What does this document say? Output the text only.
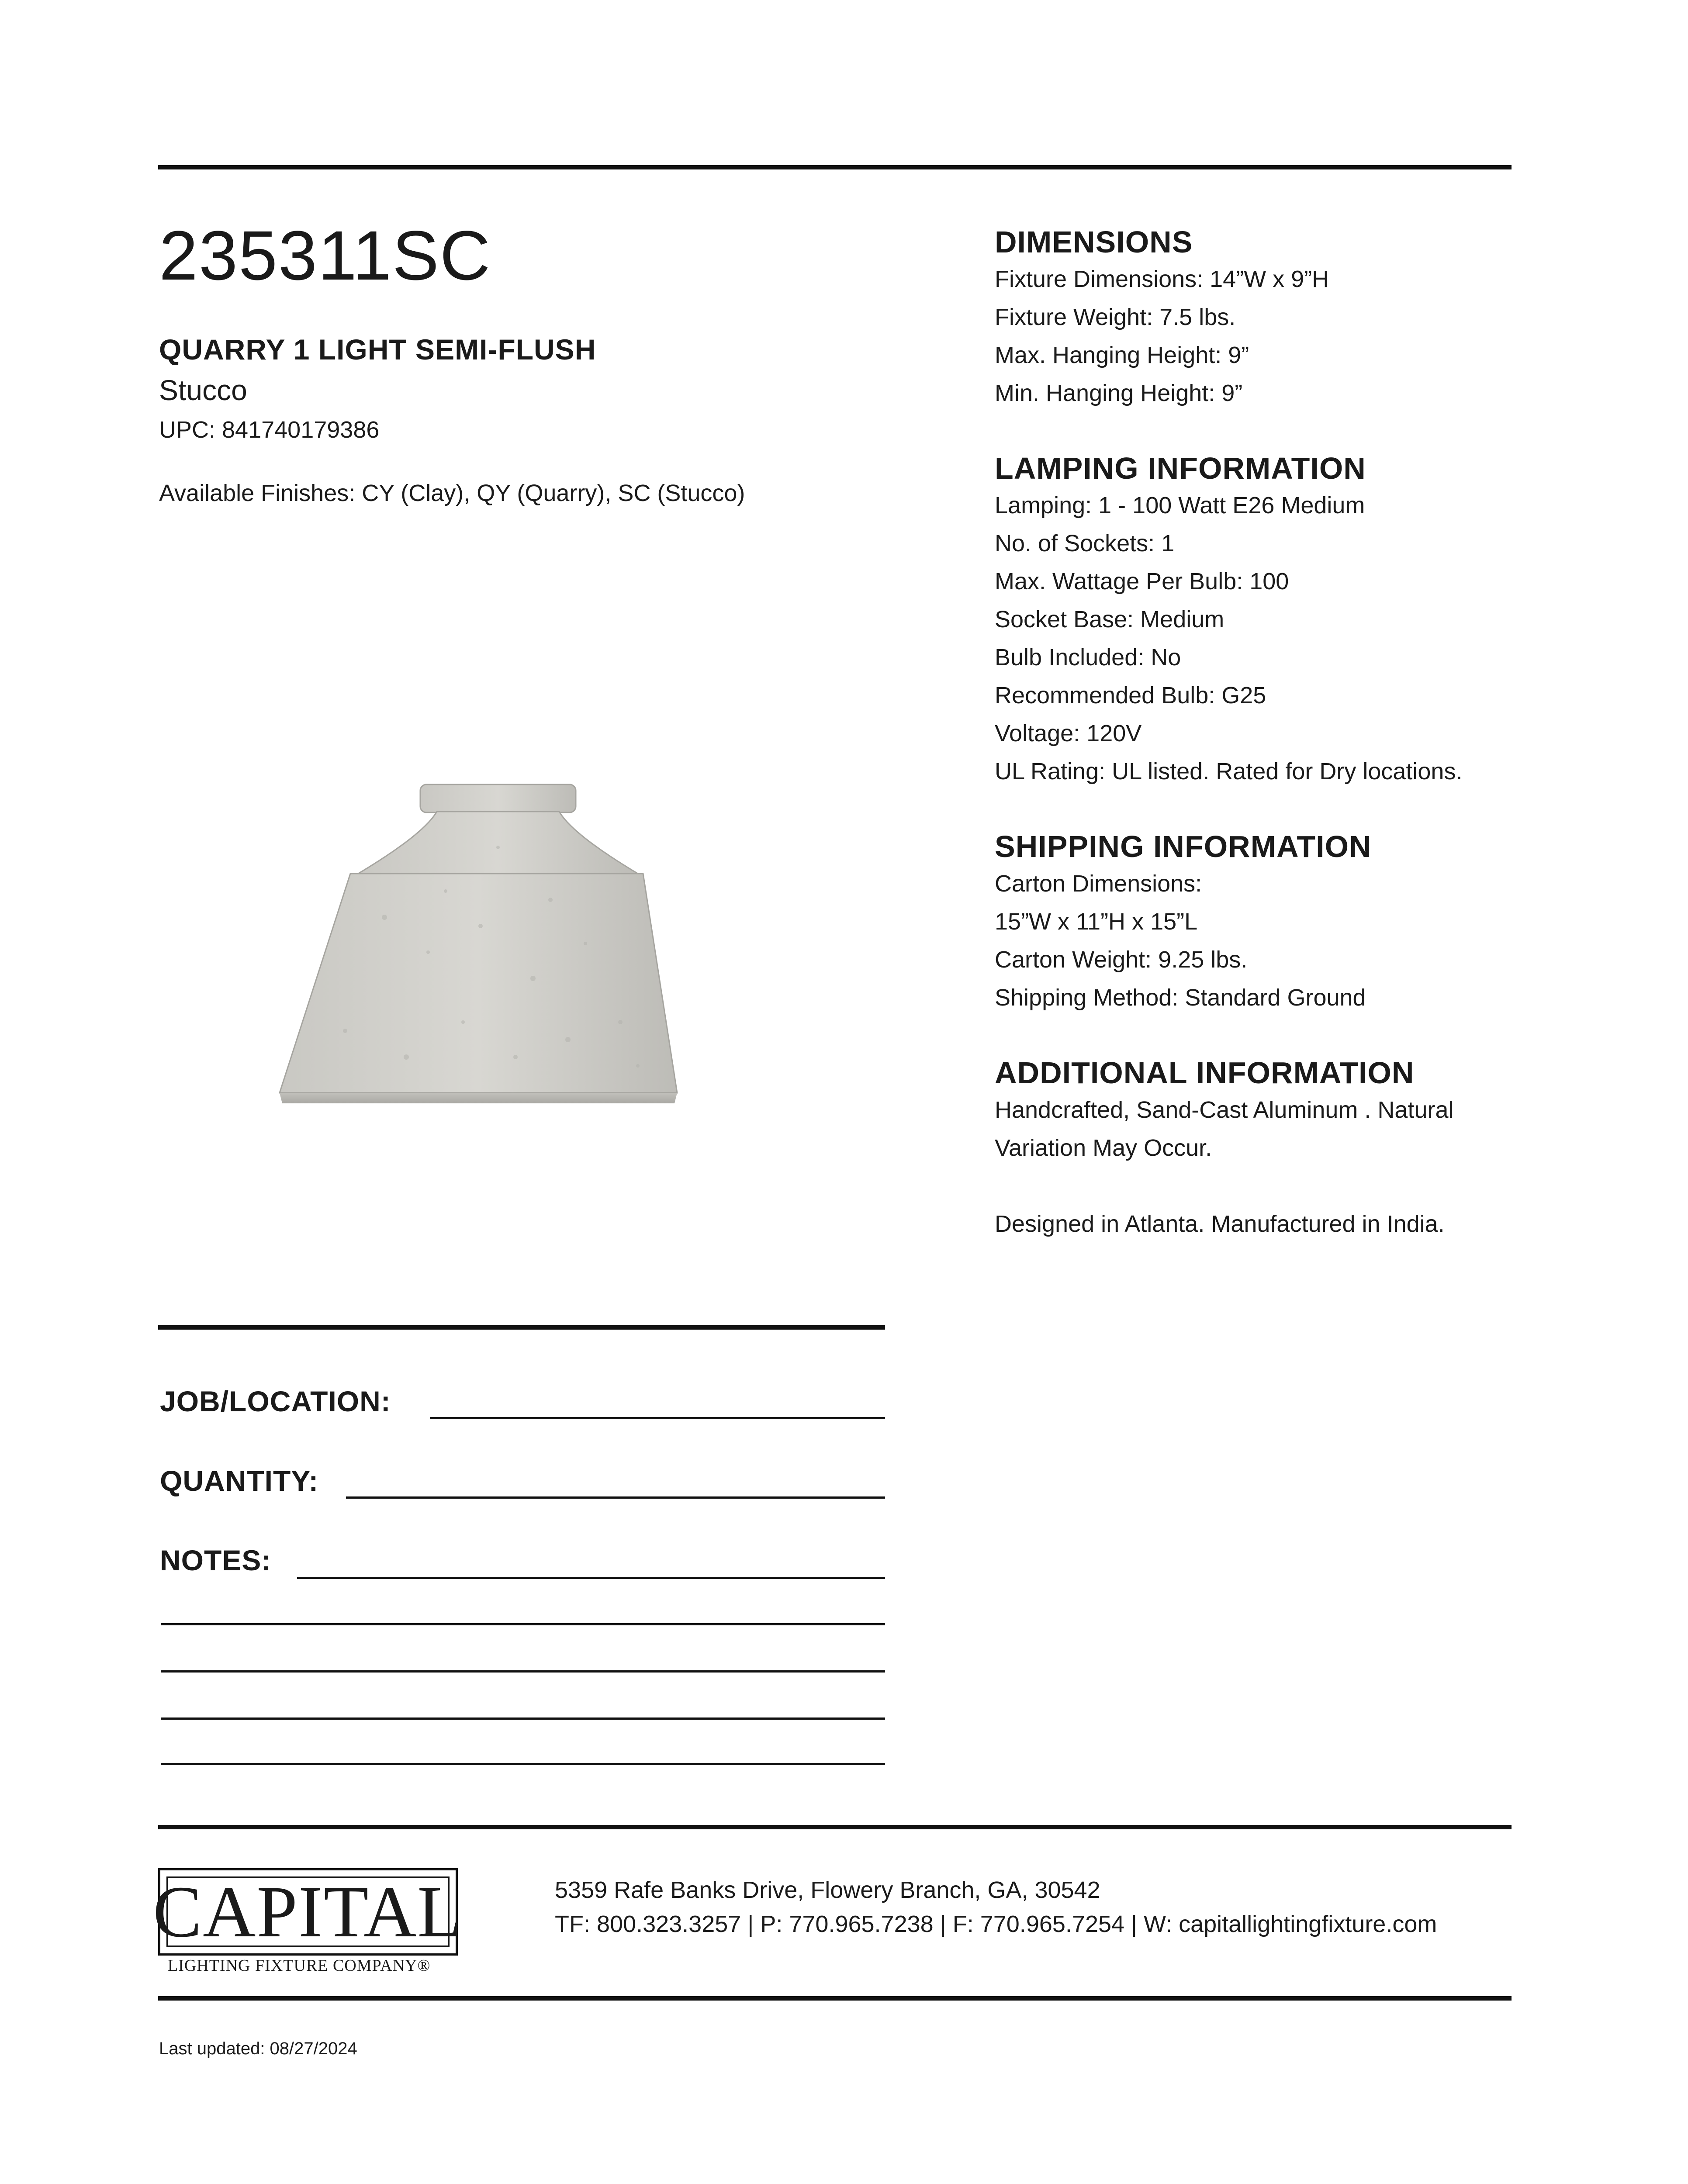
235311SC
QUARRY 1 LIGHT SEMI-FLUSH
Stucco
UPC: 841740179386
Available Finishes: CY (Clay), QY (Quarry), SC (Stucco)
DIMENSIONS
Fixture Dimensions: 14”W x 9”H
Fixture Weight: 7.5 lbs.
Max. Hanging Height: 9”
Min. Hanging Height: 9”
LAMPING INFORMATION
Lamping: 1 - 100 Watt E26 Medium
No. of Sockets: 1
Max. Wattage Per Bulb: 100
Socket Base: Medium
Bulb Included: No
Recommended Bulb: G25
Voltage: 120V
UL Rating: UL listed. Rated for Dry locations.
SHIPPING INFORMATION
Carton Dimensions:
15”W x 11”H x 15”L
Carton Weight: 9.25 lbs.
Shipping Method: Standard Ground
ADDITIONAL INFORMATION
Handcrafted, Sand-Cast Aluminum . Natural
Variation May Occur.
Designed in Atlanta. Manufactured in India.
JOB/LOCATION:
QUANTITY:
NOTES:
CAPITAL
LIGHTING FIXTURE COMPANY®
5359 Rafe Banks Drive, Flowery Branch, GA, 30542
TF: 800.323.3257 | P: 770.965.7238 | F: 770.965.7254 | W: capitallightingfixture.com
Last updated: 08/27/2024
